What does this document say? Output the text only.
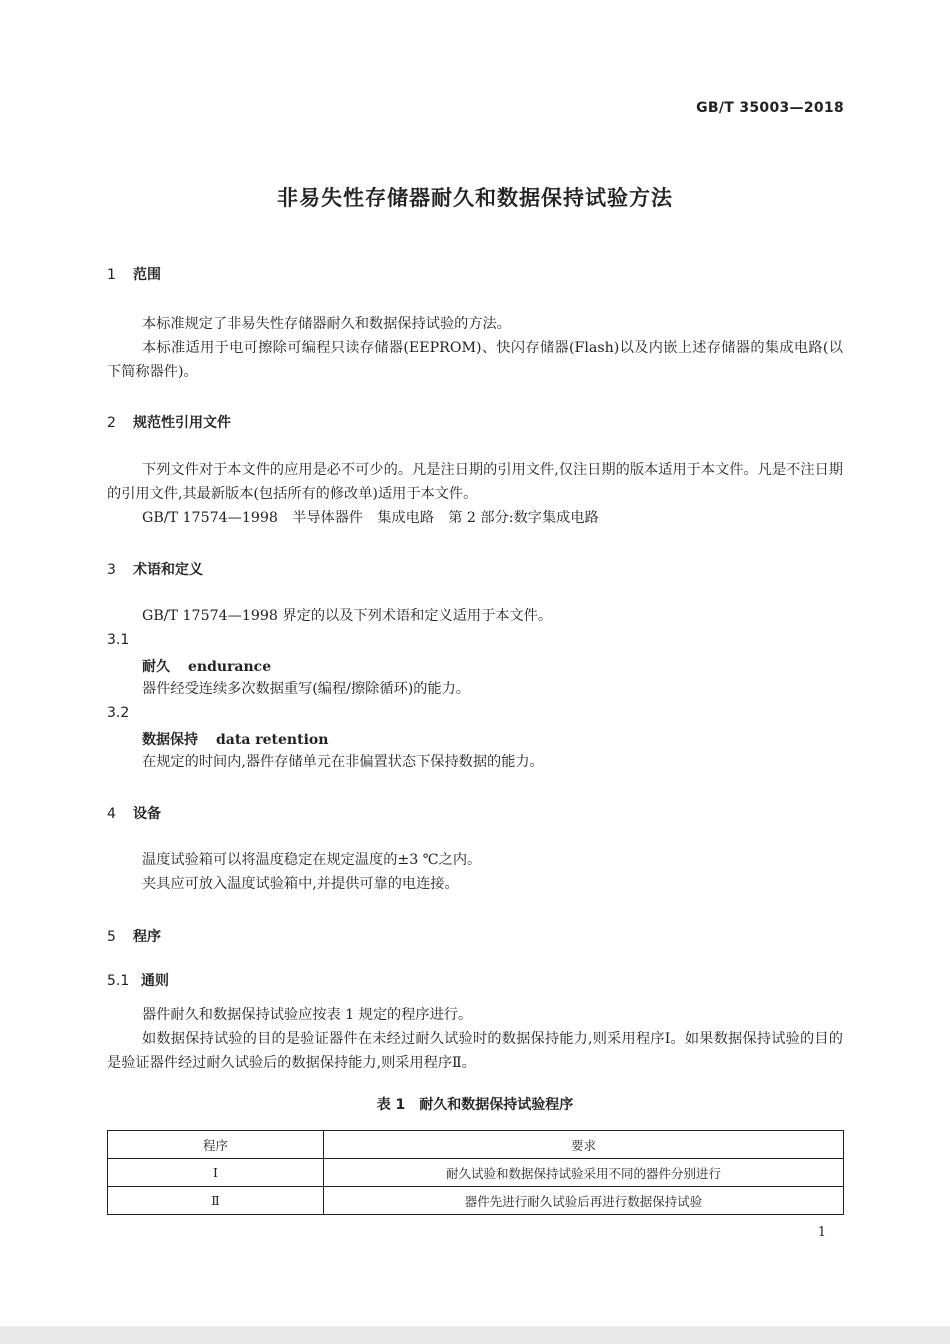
GB/T 35003—2018
非易失性存储器耐久和数据保持试验方法
1 范围
本标准规定了非易失性存储器耐久和数据保持试验的方法。
本标准适用于电可擦除可编程只读存储器(EEPROM)、快闪存储器(Flash)以及内嵌上述存储器的集成电路(以下简称器件)。
2 规范性引用文件
下列文件对于本文件的应用是必不可少的。凡是注日期的引用文件,仅注日期的版本适用于本文件。凡是不注日期的引用文件,其最新版本(包括所有的修改单)适用于本文件。
GB/T 17574—1998　半导体器件　集成电路　第 2 部分:数字集成电路
3 术语和定义
GB/T 17574—1998 界定的以及下列术语和定义适用于本文件。
3.1
耐久 endurance
器件经受连续多次数据重写(编程/擦除循环)的能力。
3.2
数据保持 data retention
在规定的时间内,器件存储单元在非偏置状态下保持数据的能力。
4 设备
温度试验箱可以将温度稳定在规定温度的±3 ℃之内。
夹具应可放入温度试验箱中,并提供可靠的电连接。
5 程序
5.1 通则
器件耐久和数据保持试验应按表 1 规定的程序进行。
如数据保持试验的目的是验证器件在未经过耐久试验时的数据保持能力,则采用程序Ⅰ。如果数据保持试验的目的是验证器件经过耐久试验后的数据保持能力,则采用程序Ⅱ。
表 1　耐久和数据保持试验程序
程序	要求
Ⅰ	耐久试验和数据保持试验采用不同的器件分别进行
Ⅱ	器件先进行耐久试验后再进行数据保持试验
1
